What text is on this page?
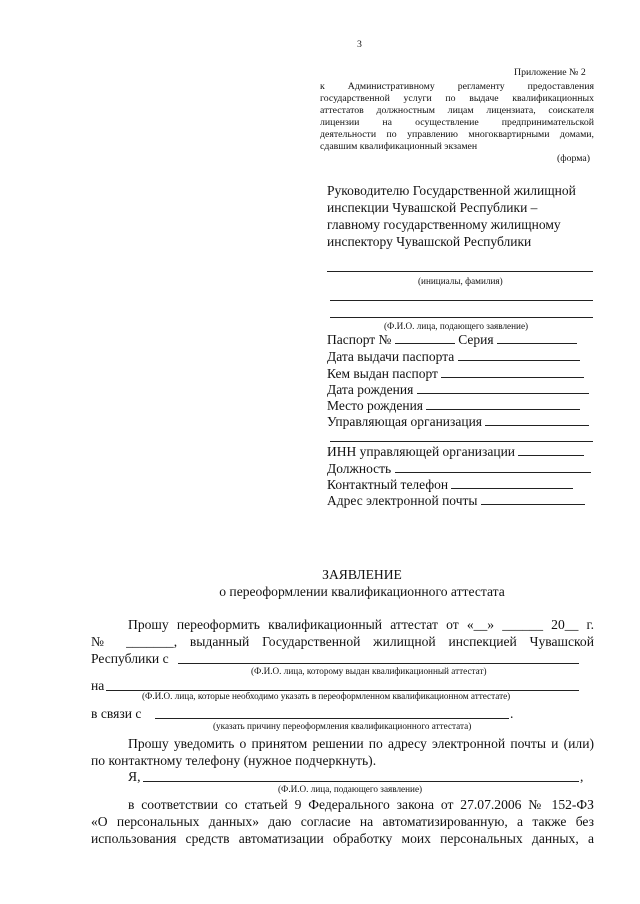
3
Приложение № 2
к Административному регламенту предоставления
государственной услуги по выдаче квалификационных
аттестатов должностным лицам лицензиата, соискателя
лицензии на осуществление предпринимательской
деятельности по управлению многоквартирными домами,
сдавшим квалификационный экзамен
(форма)
Руководителю Государственной жилищной
инспекции Чувашской Республики –
главному государственному жилищному
инспектору Чувашской Республики
(инициалы, фамилия)
(Ф.И.О. лица, подающего заявление)
Паспорт №	Серия
Дата выдачи паспорта
Кем выдан паспорт
Дата рождения
Место рождения
Управляющая организация
ИНН управляющей организации
Должность
Контактный телефон
Адрес электронной почты
ЗАЯВЛЕНИЕ
о переоформлении квалификационного аттестата
Прошу переоформить квалификационный аттестат от «__» ______ 20__ г.
№ _______, выданный Государственной жилищной инспекцией Чувашской
Республики с
(Ф.И.О. лица, которому выдан квалификационный аттестат)
на
(Ф.И.О. лица, которые необходимо указать в переоформленном квалификационном аттестате)
в связи с	.
(указать причину переоформления квалификационного аттестата)
Прошу уведомить о принятом решении по адресу электронной почты и (или)
по контактному телефону (нужное подчеркнуть).
Я,	,
(Ф.И.О. лица, подающего заявление)
в соответствии со статьей 9 Федерального закона от 27.07.2006 № 152-ФЗ
«О персональных данных» даю согласие на автоматизированную, а также без
использования средств автоматизации обработку моих персональных данных, а
